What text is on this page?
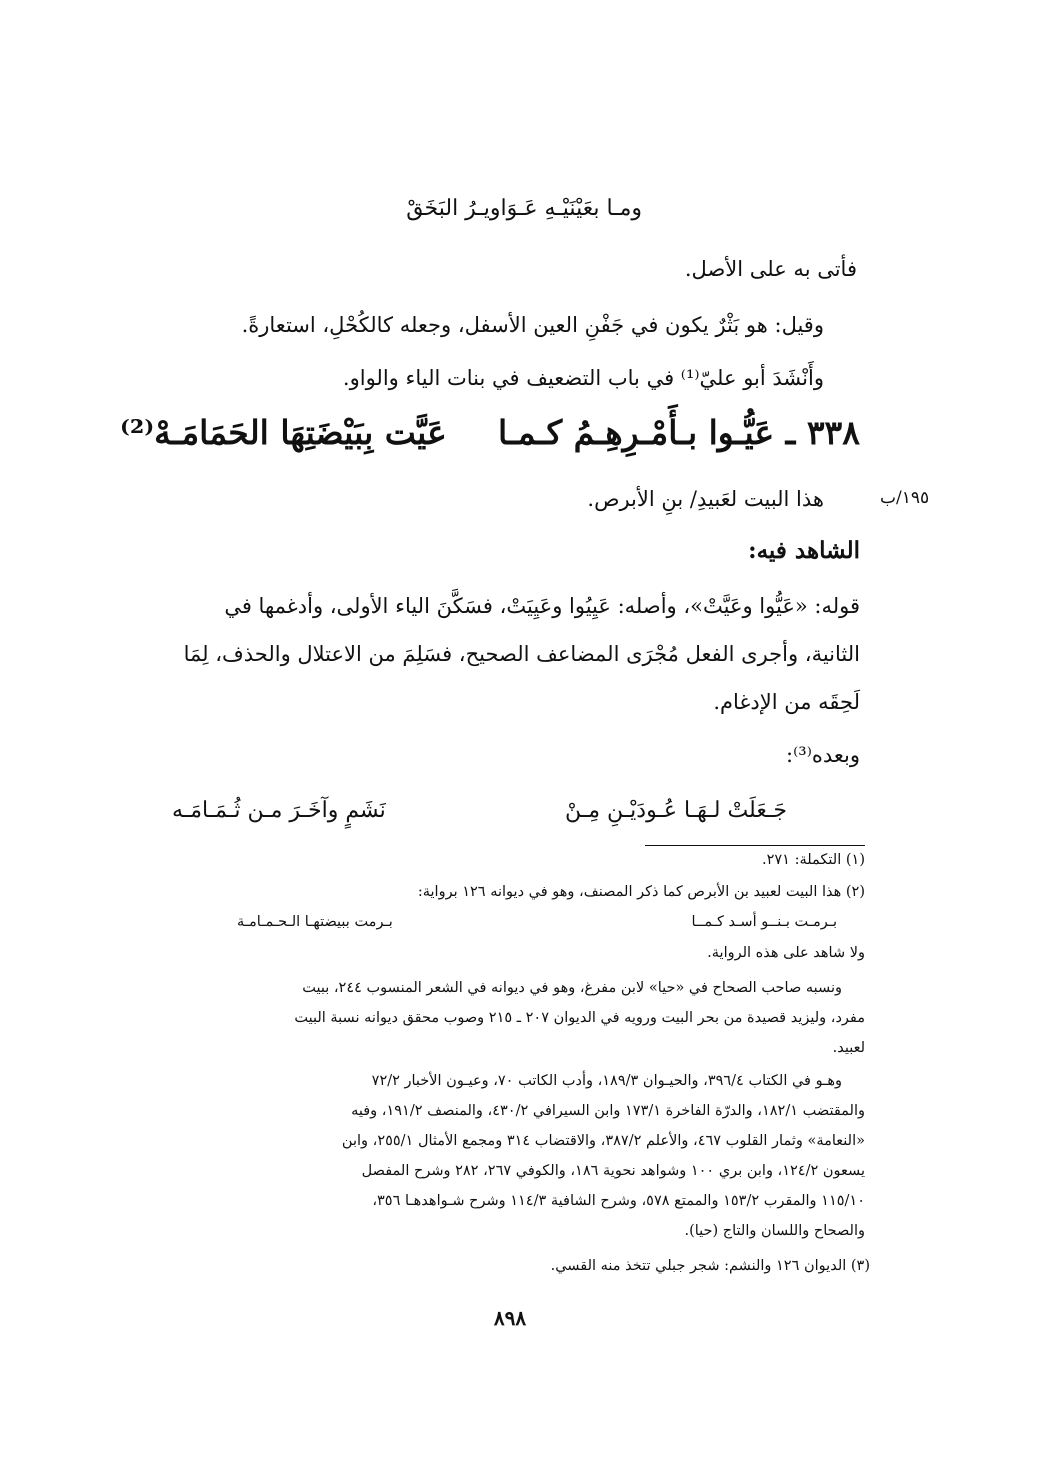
ومـا بعَيْنَيْـهِ عَـوَاويـرُ البَخَقْ
فأتى به على الأصل.
وقيل: هو بَثْرٌ يكون في جَفْنِ العين الأسفل، وجعله كالكُحْلِ، استعارةً.
وأَنْشَدَ أبو عليّ⁽¹⁾ في باب التضعيف في بنات الياء والواو.
٣٣٨ ـ عَيُّـوا بـأَمْـرِهِـمُ كـمـا
عَيَّت بِبَيْضَتِهَا الحَمَامَـهْ⁽²⁾
١٩٥/ب
هذا البيت لعَبيدِ/ بنِ الأبرص.
الشاهد فيه:
قوله: «عَيُّوا وعَيَّتْ»، وأصله: عَيِيُوا وعَيِيَتْ، فسَكَّنَ الياء الأولى، وأدغمها في
الثانية، وأجرى الفعل مُجْرَى المضاعف الصحيح، فسَلِمَ من الاعتلال والحذف، لِمَا
لَحِقَه من الإدغام.
وبعده⁽³⁾:
جَـعَلَتْ لـهَـا عُـودَيْـنِ مِـنْ
نَشَمٍ وآخَـرَ مـن ثُـمَـامَـه
(١) التكملة: ٢٧١.
(٢) هذا البيت لعبيد بن الأبرص كما ذكر المصنف، وهو في ديوانه ١٢٦ برواية:
بـرمـت بـنــو أسـد كـمــا
بـرمت ببيضتهـا الـحـمـامـة
ولا شاهد على هذه الرواية.
ونسبه صاحب الصحاح في «حيا» لابن مفرغ، وهو في ديوانه في الشعر المنسوب ٢٤٤، ببيت
مفرد، وليزيد قصيدة من بحر البيت ورويه في الديوان ٢٠٧ ـ ٢١٥ وصوب محقق ديوانه نسبة البيت
لعبيد.
وهـو في الكتاب ٣٩٦/٤، والحيـوان ١٨٩/٣، وأدب الكاتب ٧٠، وعيـون الأخبار ٧٢/٢
والمقتضب ١٨٢/١، والدرّة الفاخرة ١٧٣/١ وابن السيرافي ٤٣٠/٢، والمنصف ١٩١/٢، وفيه
«النعامة» وثمار القلوب ٤٦٧، والأعلم ٣٨٧/٢، والاقتضاب ٣١٤ ومجمع الأمثال ٢٥٥/١، وابن
يسعون ١٢٤/٢، وابن بري ١٠٠ وشواهد نحوية ١٨٦، والكوفي ٢٦٧، ٢٨٢ وشرح المفصل
١١٥/١٠ والمقرب ١٥٣/٢ والممتع ٥٧٨، وشرح الشافية ١١٤/٣ وشرح شـواهدهـا ٣٥٦،
والصحاح واللسان والتاج (حيا).
(٣) الديوان ١٢٦ والنشم: شجر جبلي تتخذ منه القسي.
٨٩٨
